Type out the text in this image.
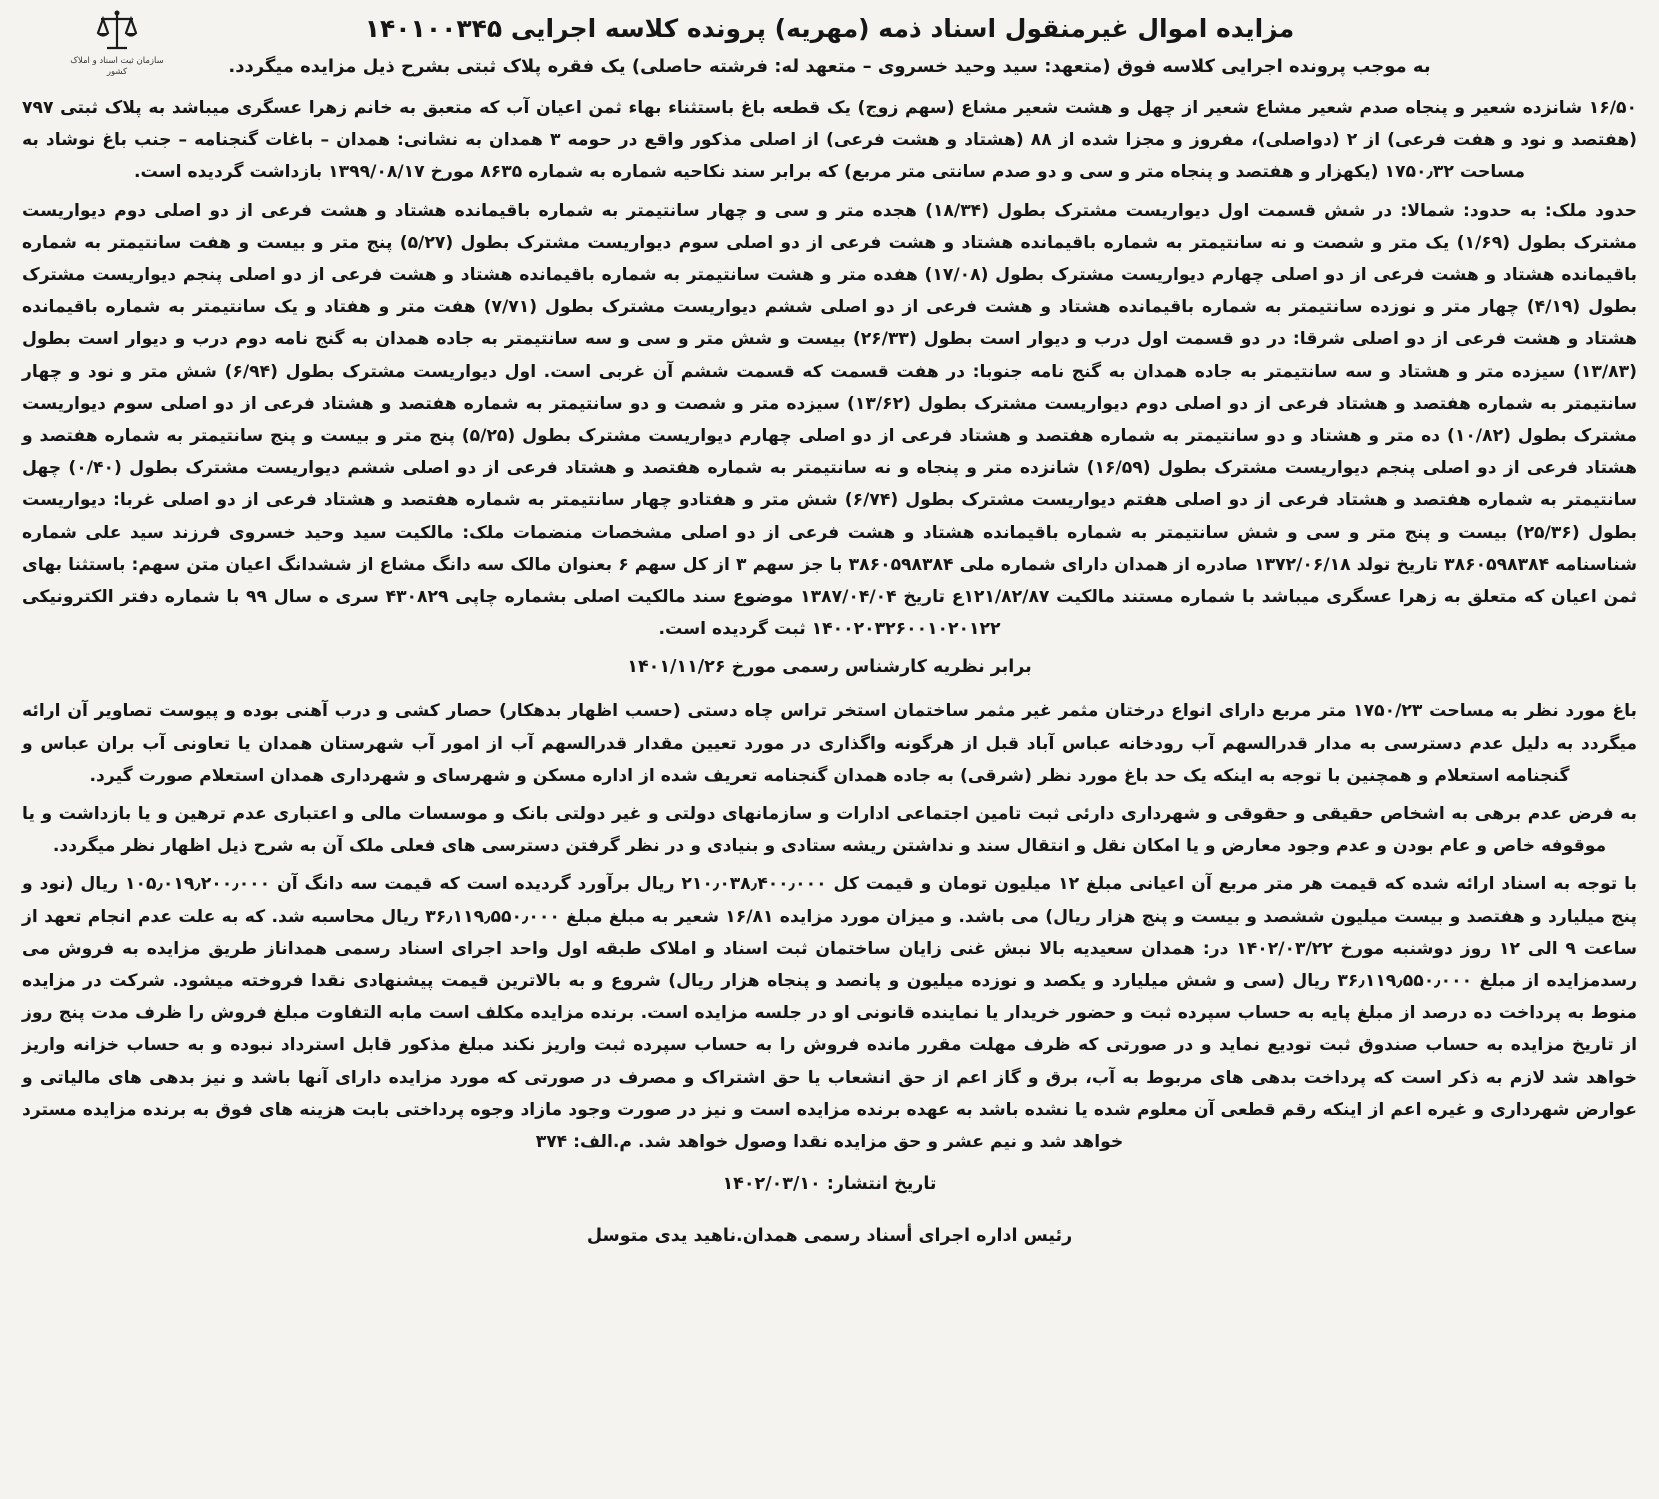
سازمان ثبت اسناد و املاک کشور
مزایده اموال غیرمنقول اسناد ذمه (مهریه) پرونده کلاسه اجرایی ۱۴۰۱۰۰۳۴۵
به موجب پرونده اجرایی کلاسه فوق (متعهد: سید وحید خسروی – متعهد له: فرشته حاصلی) یک فقره پلاک ثبتی بشرح ذیل مزایده میگردد.
۱۶/۵۰ شانزده شعیر و پنجاه صدم شعیر مشاع شعیر از چهل و هشت شعیر مشاع (سهم زوج) یک قطعه باغ باستثناء بهاء ثمن اعیان آب که متعبق به خانم زهرا عسگری میباشد به پلاک ثبتی ۷۹۷ (هفتصد و نود و هفت فرعی) از ۲ (دواصلی)، مفروز و مجزا شده از ۸۸ (هشتاد و هشت فرعی) از اصلی مذکور واقع در حومه ۳ همدان به نشانی: همدان – باغات گنجنامه – جنب باغ نوشاد به مساحت ۱۷۵۰٫۳۲ (یکهزار و هفتصد و پنجاه متر و سی و دو صدم سانتی متر مربع) که برابر سند نکاحیه شماره به شماره ۸۶۳۵ مورخ ۱۳۹۹/۰۸/۱۷ بازداشت گردیده است.
حدود ملک: به حدود: شمالا: در شش قسمت اول دیواریست مشترک بطول (۱۸/۳۴) هجده متر و سی و چهار سانتیمتر به شماره باقیمانده هشتاد و هشت فرعی از دو اصلی دوم دیواریست مشترک بطول (۱/۶۹) یک متر و شصت و نه سانتیمتر به شماره باقیمانده هشتاد و هشت فرعی از دو اصلی سوم دیواریست مشترک بطول (۵/۲۷) پنج متر و بیست و هفت سانتیمتر به شماره باقیمانده هشتاد و هشت فرعی از دو اصلی چهارم دیواریست مشترک بطول (۱۷/۰۸) هفده متر و هشت سانتیمتر به شماره باقیمانده هشتاد و هشت فرعی از دو اصلی پنجم دیواریست مشترک بطول (۴/۱۹) چهار متر و نوزده سانتیمتر به شماره باقیمانده هشتاد و هشت فرعی از دو اصلی ششم دیواریست مشترک بطول (۷/۷۱) هفت متر و هفتاد و یک سانتیمتر به شماره باقیمانده هشتاد و هشت فرعی از دو اصلی شرقا: در دو قسمت اول درب و دیوار است بطول (۲۶/۳۳) بیست و شش متر و سی و سه سانتیمتر به جاده همدان به گنج نامه دوم درب و دیوار است بطول (۱۳/۸۳) سیزده متر و هشتاد و سه سانتیمتر به جاده همدان به گنج نامه جنوبا: در هفت قسمت که قسمت ششم آن غربی است. اول دیواریست مشترک بطول (۶/۹۴) شش متر و نود و چهار سانتیمتر به شماره هفتصد و هشتاد فرعی از دو اصلی دوم دیواریست مشترک بطول (۱۳/۶۲) سیزده متر و شصت و دو سانتیمتر به شماره هفتصد و هشتاد فرعی از دو اصلی سوم دیواریست مشترک بطول (۱۰/۸۲) ده متر و هشتاد و دو سانتیمتر به شماره هفتصد و هشتاد فرعی از دو اصلی چهارم دیواریست مشترک بطول (۵/۲۵) پنج متر و بیست و پنج سانتیمتر به شماره هفتصد و هشتاد فرعی از دو اصلی پنجم دیواریست مشترک بطول (۱۶/۵۹) شانزده متر و پنجاه و نه سانتیمتر به شماره هفتصد و هشتاد فرعی از دو اصلی ششم دیواریست مشترک بطول (۰/۴۰) چهل سانتیمتر به شماره هفتصد و هشتاد فرعی از دو اصلی هفتم دیواریست مشترک بطول (۶/۷۴) شش متر و هفتادو چهار سانتیمتر به شماره هفتصد و هشتاد فرعی از دو اصلی غربا: دیواریست بطول (۲۵/۳۶) بیست و پنج متر و سی و شش سانتیمتر به شماره باقیمانده هشتاد و هشت فرعی از دو اصلی مشخصات منضمات ملک: مالکیت سید وحید خسروی فرزند سید علی شماره شناسنامه ۳۸۶۰۵۹۸۳۸۴ تاریخ تولد ۱۳۷۲/۰۶/۱۸ صادره از همدان دارای شماره ملی ۳۸۶۰۵۹۸۳۸۴ با جز سهم ۳ از کل سهم ۶ بعنوان مالک سه دانگ مشاع از ششدانگ اعیان متن سهم: باستثنا بهای ثمن اعیان که متعلق به زهرا عسگری میباشد با شماره مستند مالکیت ۱۲۱/۸۲/۸۷ع تاریخ ۱۳۸۷/۰۴/۰۴ موضوع سند مالکیت اصلی بشماره چاپی ۴۳۰۸۲۹ سری ه سال ۹۹ با شماره دفتر الکترونیکی ۱۴۰۰۲۰۳۲۶۰۰۱۰۲۰۱۲۲ ثبت گردیده است.
برابر نظریه کارشناس رسمی مورخ ۱۴۰۱/۱۱/۲۶
باغ مورد نظر به مساحت ۱۷۵۰/۲۳ متر مربع دارای انواع درختان مثمر غیر مثمر ساختمان استخر تراس چاه دستی (حسب اظهار بدهکار) حصار کشی و درب آهنی بوده و پیوست تصاویر آن ارائه میگردد به دلیل عدم دسترسی به مدار قدرالسهم آب رودخانه عباس آباد قبل از هرگونه واگذاری در مورد تعیین مقدار قدرالسهم آب از امور آب شهرستان همدان یا تعاونی آب بران عباس و گنجنامه استعلام و همچنین با توجه به اینکه یک حد باغ مورد نظر (شرقی) به جاده همدان گنجنامه تعریف شده از اداره مسکن و شهرسای و شهرداری همدان استعلام صورت گیرد.
به فرض عدم برهی به اشخاص حقیقی و حقوقی و شهرداری دارئی ثبت تامین اجتماعی ادارات و سازمانهای دولتی و غیر دولتی بانک و موسسات مالی و اعتباری عدم ترهین و یا بازداشت و یا موقوفه خاص و عام بودن و عدم وجود معارض و یا امکان نقل و انتقال سند و نداشتن ریشه ستادی و بنیادی و در نظر گرفتن دسترسی های فعلی ملک آن به شرح ذیل اظهار نظر میگردد.
با توجه به اسناد ارائه شده که قیمت هر متر مربع آن اعیانی مبلغ ۱۲ میلیون تومان و قیمت کل ۲۱۰٫۰۳۸٫۴۰۰٫۰۰۰ ریال برآورد گردیده است که قیمت سه دانگ آن ۱۰۵٫۰۱۹٫۲۰۰٫۰۰۰ ریال (نود و پنج میلیارد و هفتصد و بیست میلیون ششصد و بیست و پنج هزار ریال) می باشد. و میزان مورد مزایده ۱۶/۸۱ شعیر به مبلغ مبلغ ۳۶٫۱۱۹٫۵۵۰٫۰۰۰ ریال محاسبه شد. که به علت عدم انجام تعهد از ساعت ۹ الی ۱۲ روز دوشنبه مورخ ۱۴۰۲/۰۳/۲۲ در: همدان سعیدیه بالا نبش غنی زایان ساختمان ثبت اسناد و املاک طبقه اول واحد اجرای اسناد رسمی همداناز طریق مزایده به فروش می رسدمزایده از مبلغ ۳۶٫۱۱۹٫۵۵۰٫۰۰۰ ریال (سی و شش میلیارد و یکصد و نوزده میلیون و پانصد و پنجاه هزار ریال) شروع و به بالاترین قیمت پیشنهادی نقدا فروخته میشود. شرکت در مزایده منوط به پرداخت ده درصد از مبلغ پایه به حساب سپرده ثبت و حضور خریدار یا نماینده قانونی او در جلسه مزایده است. برنده مزایده مکلف است مابه التفاوت مبلغ فروش را ظرف مدت پنج روز از تاریخ مزایده به حساب صندوق ثبت تودیع نماید و در صورتی که ظرف مهلت مقرر مانده فروش را به حساب سپرده ثبت واریز نکند مبلغ مذکور قابل استرداد نبوده و به حساب خزانه واریز خواهد شد لازم به ذکر است که پرداخت بدهی های مربوط به آب، برق و گاز اعم از حق انشعاب یا حق اشتراک و مصرف در صورتی که مورد مزایده دارای آنها باشد و نیز بدهی های مالیاتی و عوارض شهرداری و غیره اعم از اینکه رقم قطعی آن معلوم شده یا نشده باشد به عهده برنده مزایده است و نیز در صورت وجود مازاد وجوه پرداختی بابت هزینه های فوق به برنده مزایده مسترد خواهد شد و نیم عشر و حق مزایده نقدا وصول خواهد شد. م.الف: ۳۷۴
تاریخ انتشار: ۱۴۰۲/۰۳/۱۰
رئیس اداره اجرای أسناد رسمی همدان.ناهید یدی متوسل
